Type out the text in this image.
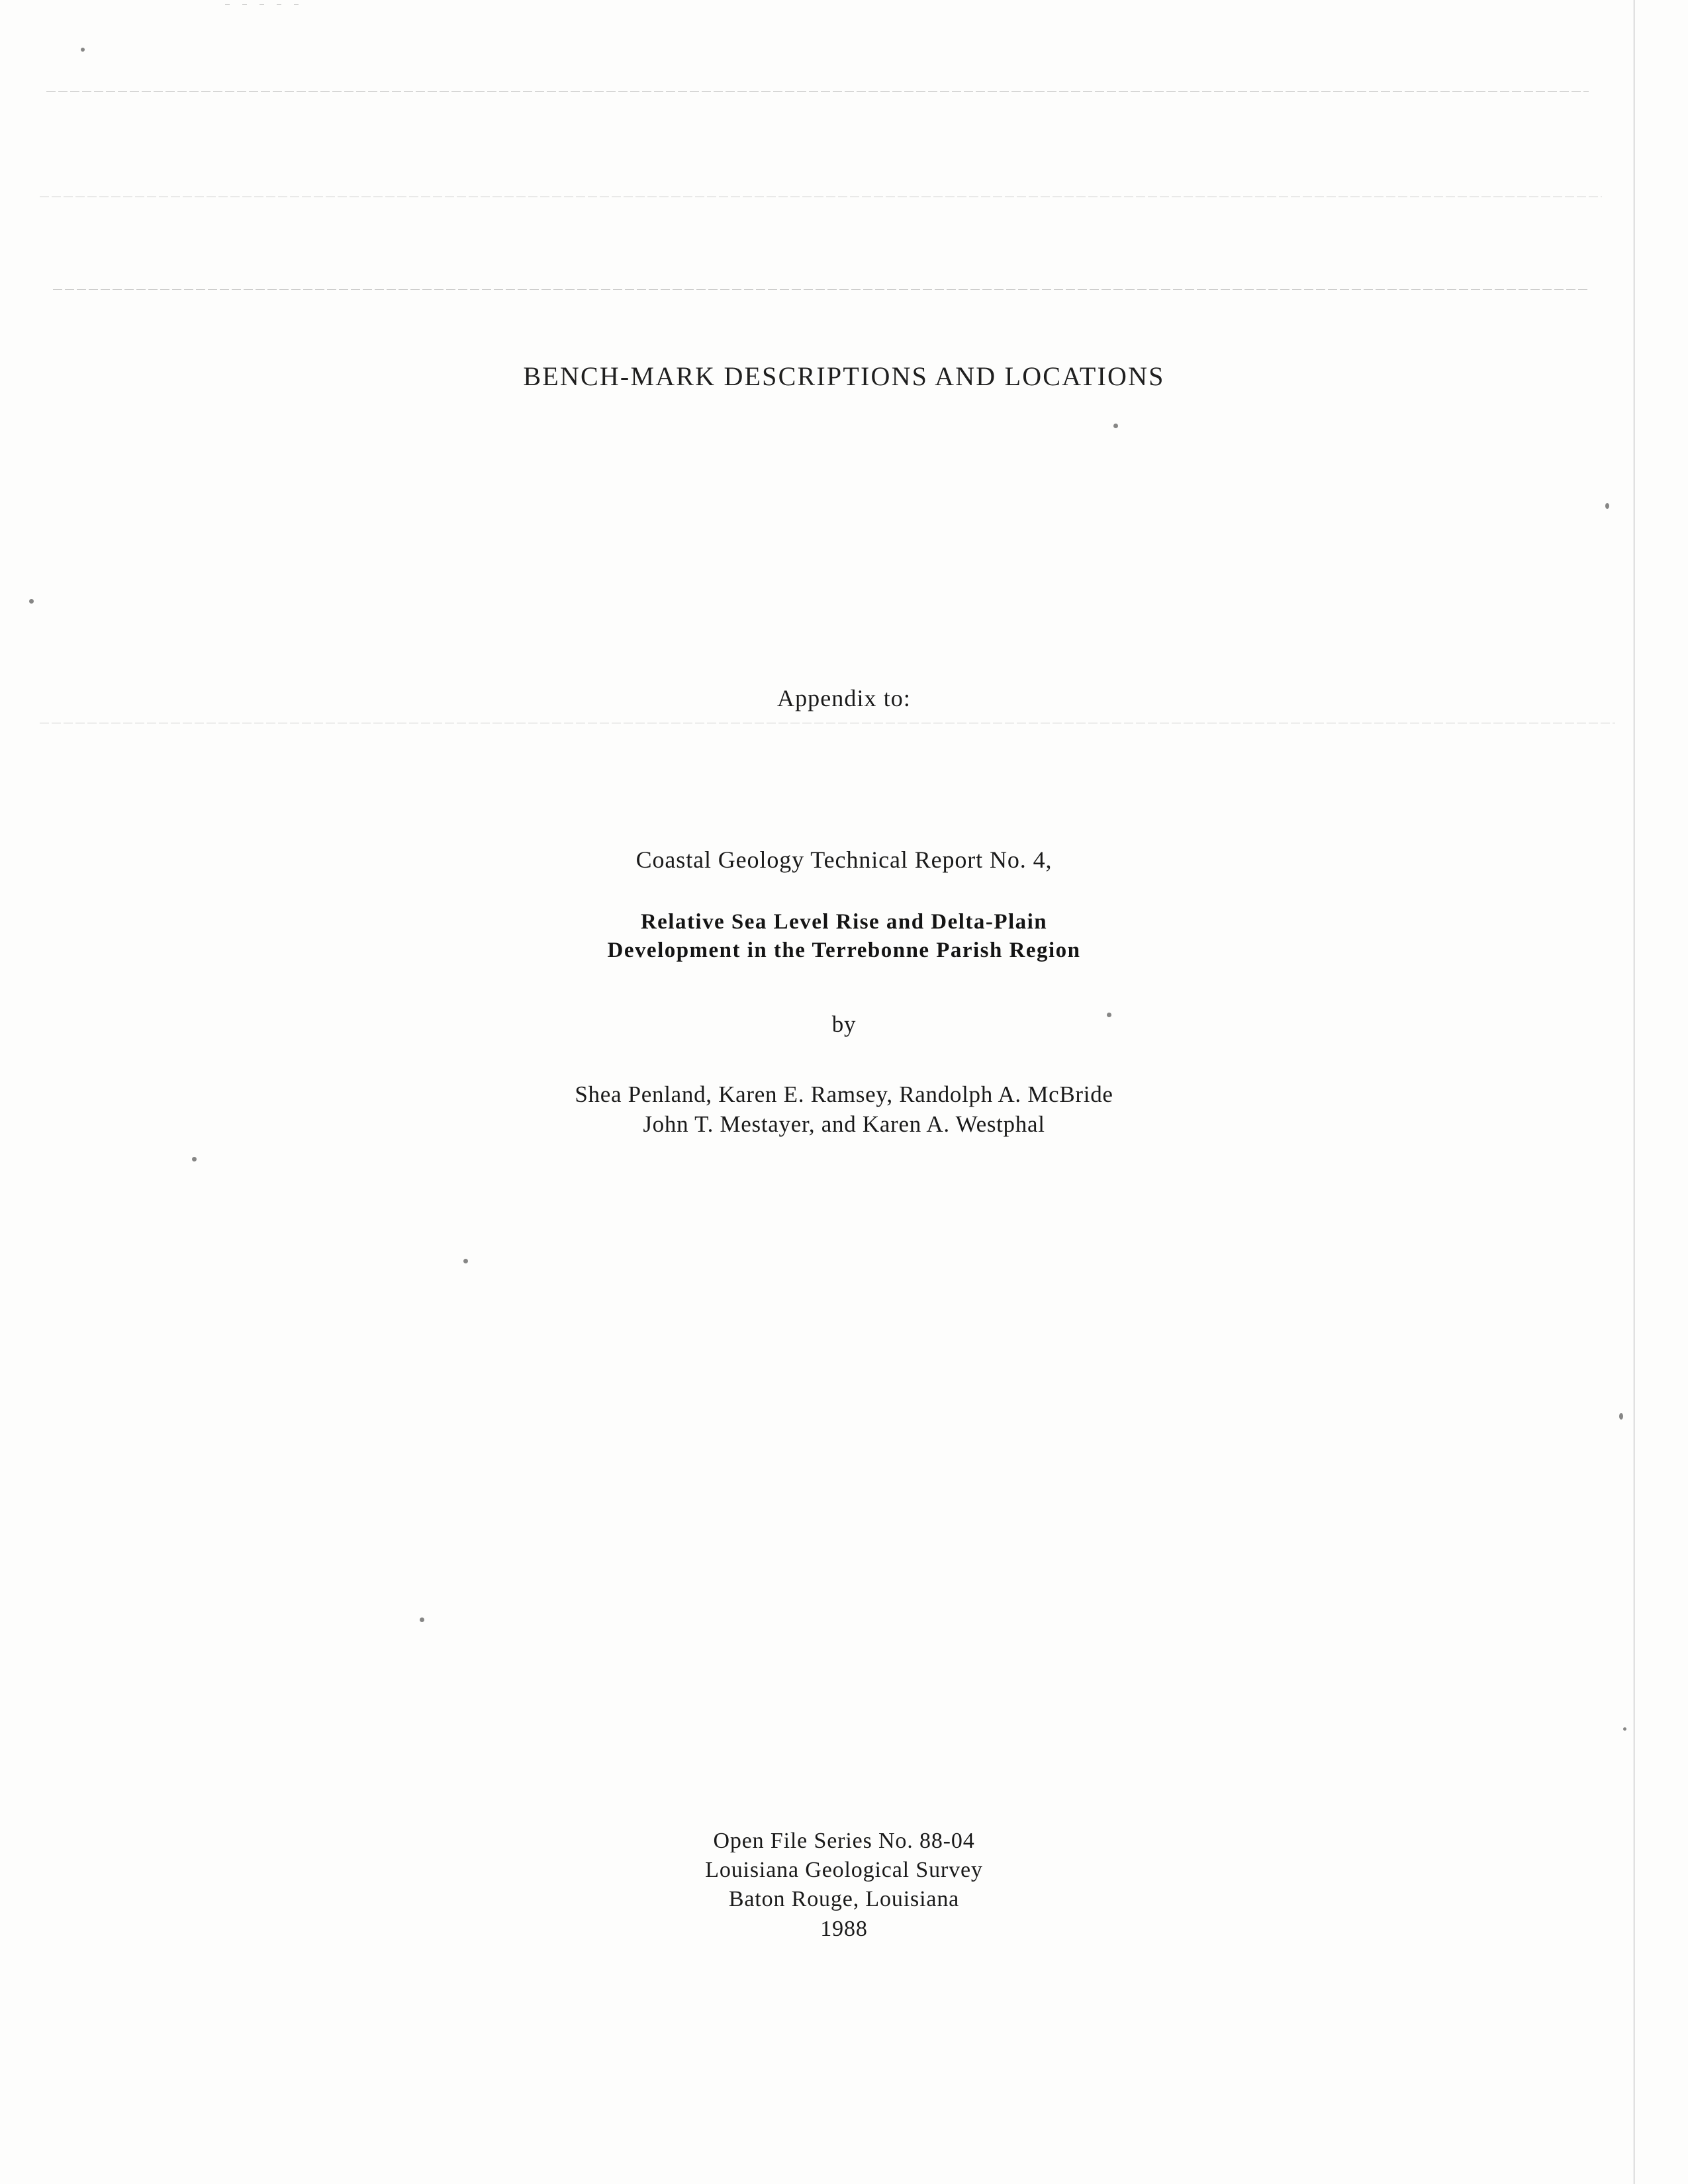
BENCH-MARK DESCRIPTIONS AND LOCATIONS
Appendix to:
Coastal Geology Technical Report No. 4,
Relative Sea Level Rise and Delta-Plain
Development in the Terrebonne Parish Region
by
Shea Penland, Karen E. Ramsey, Randolph A. McBride
John T. Mestayer, and Karen A. Westphal
Open File Series No. 88-04
Louisiana Geological Survey
Baton Rouge, Louisiana
1988
